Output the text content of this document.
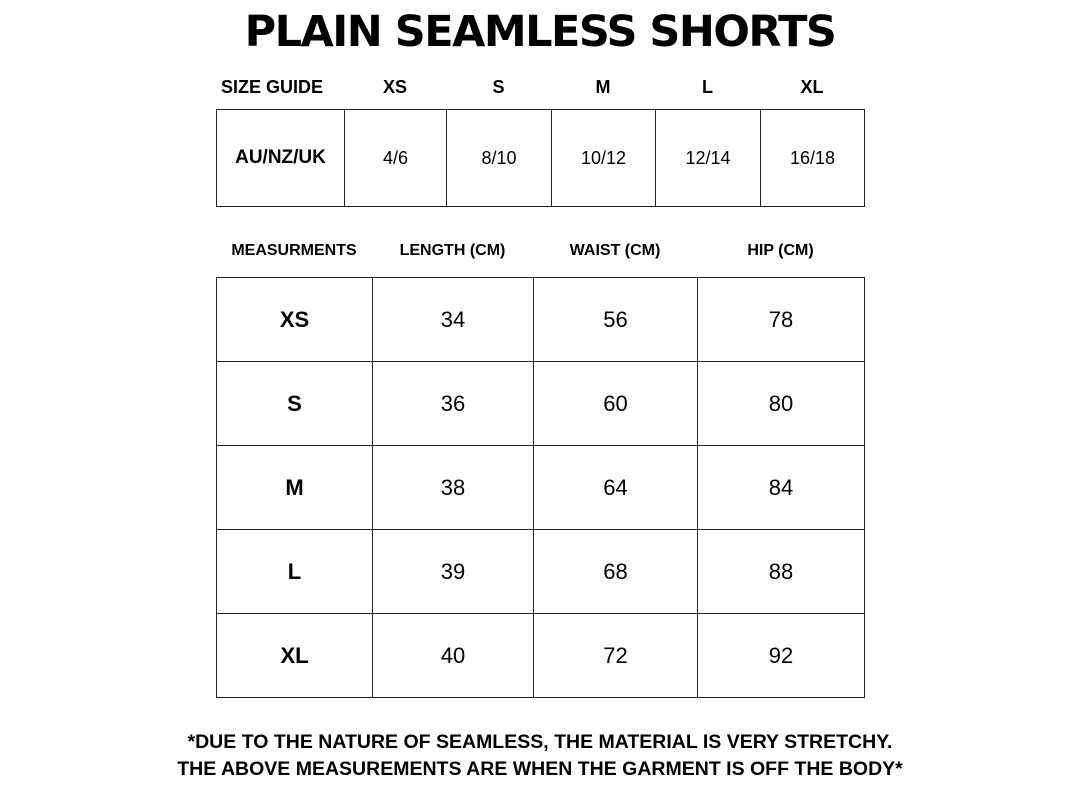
PLAIN SEAMLESS SHORTS
SIZE GUIDE	XS	S	M	L	XL
AU/NZ/UK	4/6	8/10	10/12	12/14	16/18
MEASURMENTS	LENGTH (CM)	WAIST (CM)	HIP (CM)
XS	34	56	78
S	36	60	80
M	38	64	84
L	39	68	88
XL	40	72	92
*DUE TO THE NATURE OF SEAMLESS, THE MATERIAL IS VERY STRETCHY.
THE ABOVE MEASUREMENTS ARE WHEN THE GARMENT IS OFF THE BODY*
